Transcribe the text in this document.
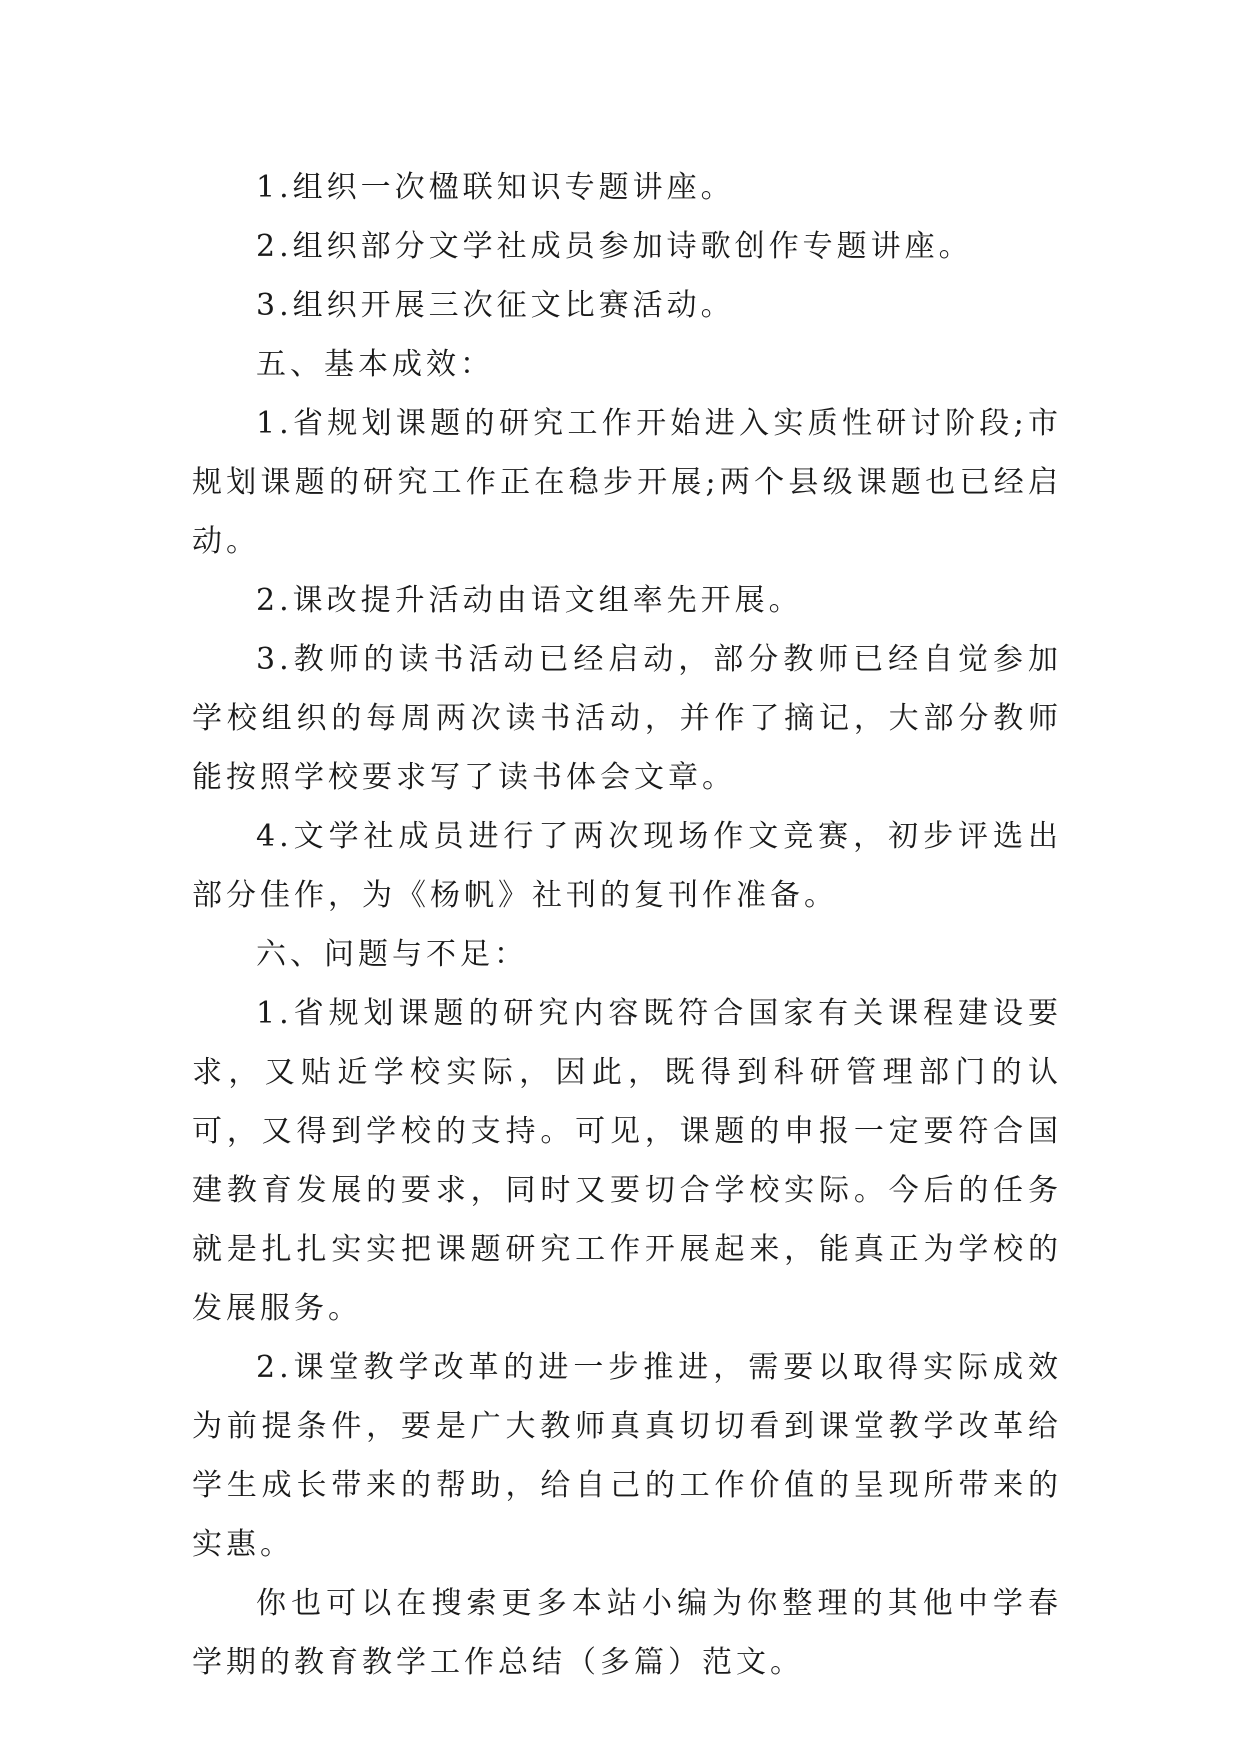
1.组织一次楹联知识专题讲座。

2.组织部分文学社成员参加诗歌创作专题讲座。

3.组织开展三次征文比赛活动。

五、基本成效：

1.省规划课题的研究工作开始进入实质性研讨阶段;市规划课题的研究工作正在稳步开展;两个县级课题也已经启动。

2.课改提升活动由语文组率先开展。

3.教师的读书活动已经启动，部分教师已经自觉参加学校组织的每周两次读书活动，并作了摘记，大部分教师能按照学校要求写了读书体会文章。

4.文学社成员进行了两次现场作文竞赛，初步评选出部分佳作，为《杨帆》社刊的复刊作准备。

六、问题与不足：

1.省规划课题的研究内容既符合国家有关课程建设要求，又贴近学校实际，因此，既得到科研管理部门的认可，又得到学校的支持。可见，课题的申报一定要符合国建教育发展的要求，同时又要切合学校实际。今后的任务就是扎扎实实把课题研究工作开展起来，能真正为学校的发展服务。

2.课堂教学改革的进一步推进，需要以取得实际成效为前提条件，要是广大教师真真切切看到课堂教学改革给学生成长带来的帮助，给自己的工作价值的呈现所带来的实惠。

你也可以在搜索更多本站小编为你整理的其他中学春学期的教育教学工作总结（多篇）范文。
